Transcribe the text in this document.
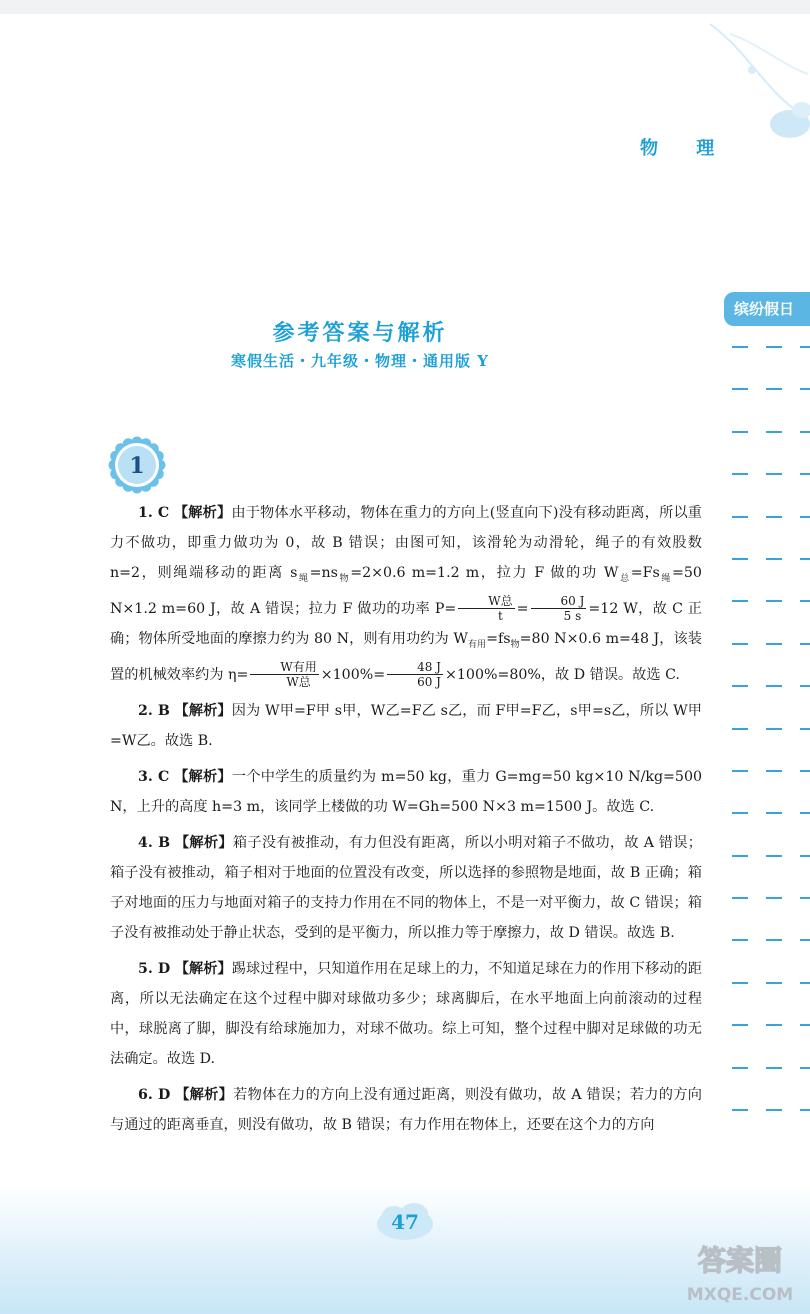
物 理
参考答案与解析
寒假生活・九年级・物理・通用版 Y
缤纷假日
1

1. C 【解析】由于物体水平移动，物体在重力的方向上(竖直向下)没有移动距离，所以重力不做功，即重力做功为 0，故 B 错误；由图可知，该滑轮为动滑轮，绳子的有效股数 n=2，则绳端移动的距离 $s_绳=ns_物=2\times 0.6$ m=1.2 m，拉力 F 做的功 $W_总=Fs_绳=50$ N×1.2 m=60 J，故 A 错误；拉力 F 做功的功率 $P= \frac{\text{W总}}{t} = \frac{60 J}{5 s} =12$ W，故 C 正确；物体所受地面的摩擦力约为 80 N，则有用功约为 $W_{有用}=fs_物=80$ N×0.6 m=48 J，该装置的机械效率约为 $\eta= \frac{\text{W有用}}{\text{W总}} \times 100\%= \frac{48 J}{60 J} \times 100\%=80\%$，故 D 错误。故选 C.

2. B 【解析】因为 W甲=F甲 s甲，W乙=F乙 s乙，而 F甲=F乙，s甲=s乙，所以 W甲=W乙。故选 B.

3. C 【解析】一个中学生的质量约为 m=50 kg，重力 G=mg=50 kg×10 N/kg=500 N，上升的高度 h=3 m，该同学上楼做的功 W=Gh=500 N×3 m=1500 J。故选 C.

4. B 【解析】箱子没有被推动，有力但没有距离，所以小明对箱子不做功，故 A 错误；箱子没有被推动，箱子相对于地面的位置没有改变，所以选择的参照物是地面，故 B 正确；箱子对地面的压力与地面对箱子的支持力作用在不同的物体上，不是一对平衡力，故 C 错误；箱子没有被推动处于静止状态，受到的是平衡力，所以推力等于摩擦力，故 D 错误。故选 B.

5. D 【解析】踢球过程中，只知道作用在足球上的力，不知道足球在力的作用下移动的距离，所以无法确定在这个过程中脚对球做功多少；球离脚后，在水平地面上向前滚动的过程中，球脱离了脚，脚没有给球施加力，对球不做功。综上可知，整个过程中脚对足球做的功无法确定。故选 D.

6. D 【解析】若物体在力的方向上没有通过距离，则没有做功，故 A 错误；若力的方向与通过的距离垂直，则没有做功，故 B 错误；有力作用在物体上，还要在这个力的方向

47
答案圈
MXQE.COM
